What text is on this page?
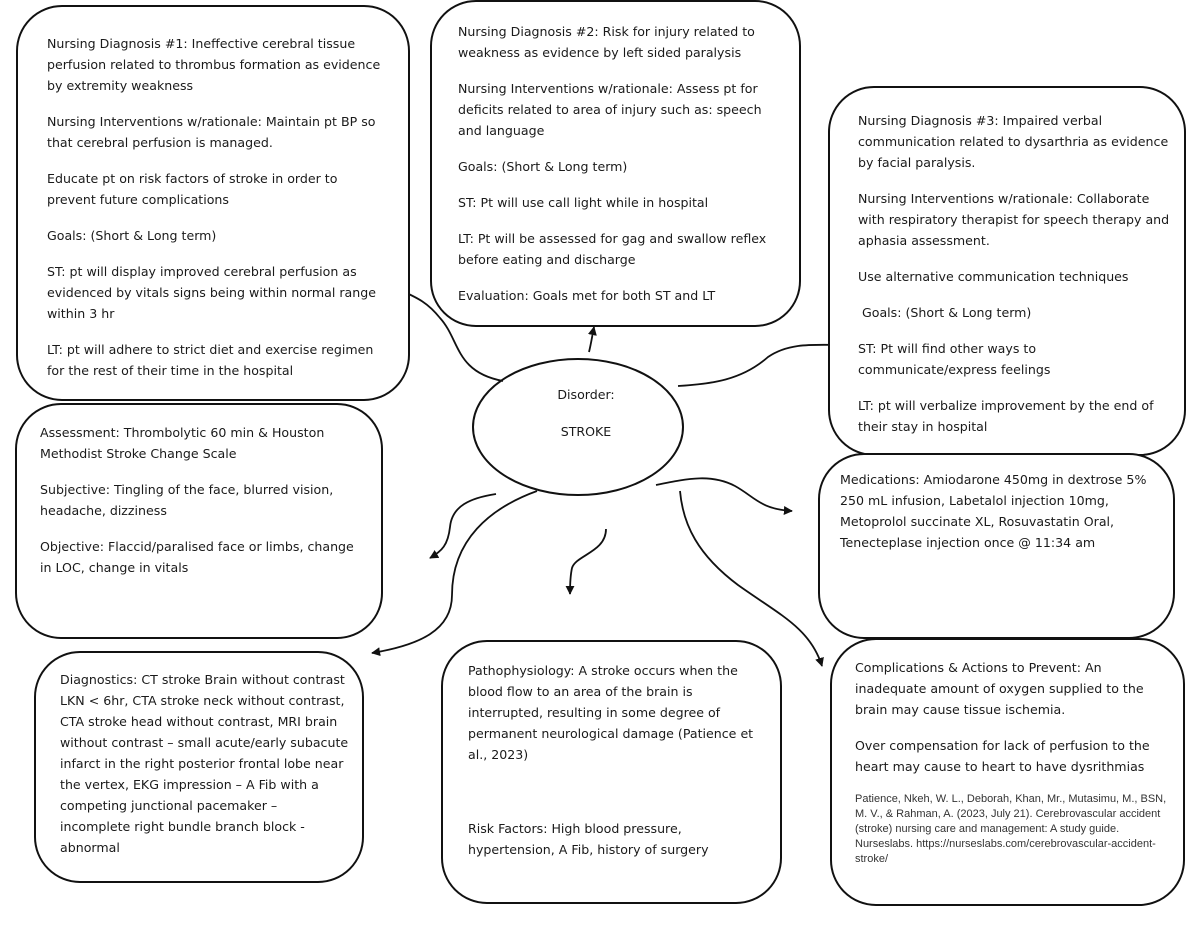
Disorder:

STROKE

Nursing Diagnosis #1: Ineffective cerebral tissue perfusion related to thrombus formation as evidence by extremity weakness

Nursing Interventions w/rationale: Maintain pt BP so that cerebral perfusion is managed.

Educate pt on risk factors of stroke in order to prevent future complications

Goals: (Short & Long term)

ST: pt will display improved cerebral perfusion as evidenced by vitals signs being within normal range within 3 hr

LT: pt will adhere to strict diet and exercise regimen for the rest of their time in the hospital

Nursing Diagnosis #2: Risk for injury related to weakness as evidence by left sided paralysis

Nursing Interventions w/rationale: Assess pt for deficits related to area of injury such as: speech and language

Goals: (Short & Long term)

ST: Pt will use call light while in hospital

LT: Pt will be assessed for gag and swallow reflex before eating and discharge

Evaluation: Goals met for both ST and LT

Nursing Diagnosis #3: Impaired verbal communication related to dysarthria as evidence by facial paralysis.

Nursing Interventions w/rationale: Collaborate with respiratory therapist for speech therapy and aphasia assessment.

Use alternative communication techniques

Goals: (Short & Long term)

ST: Pt will find other ways to communicate/express feelings

LT: pt will verbalize improvement by the end of their stay in hospital

Assessment: Thrombolytic 60 min & Houston Methodist Stroke Change Scale

Subjective: Tingling of the face, blurred vision, headache, dizziness

Objective: Flaccid/paralised face or limbs, change in LOC, change in vitals

Medications: Amiodarone 450mg in dextrose 5% 250 mL infusion, Labetalol injection 10mg, Metoprolol succinate XL, Rosuvastatin Oral, Tenecteplase injection once @ 11:34 am

Diagnostics: CT stroke Brain without contrast LKN < 6hr, CTA stroke neck without contrast, CTA stroke head without contrast, MRI brain without contrast – small acute/early subacute infarct in the right posterior frontal lobe near the vertex, EKG impression – A Fib with a competing junctional pacemaker – incomplete right bundle branch block - abnormal

Pathophysiology: A stroke occurs when the blood flow to an area of the brain is interrupted, resulting in some degree of permanent neurological damage (Patience et al., 2023)

Risk Factors: High blood pressure, hypertension, A Fib, history of surgery

Complications & Actions to Prevent: An inadequate amount of oxygen supplied to the brain may cause tissue ischemia.

Over compensation for lack of perfusion to the heart may cause to heart to have dysrithmias

Patience, Nkeh, W. L., Deborah, Khan, Mr., Mutasimu, M., BSN, M. V., & Rahman, A. (2023, July 21). Cerebrovascular accident (stroke) nursing care and management: A study guide. Nurseslabs. https://nurseslabs.com/cerebrovascular-accident-stroke/
